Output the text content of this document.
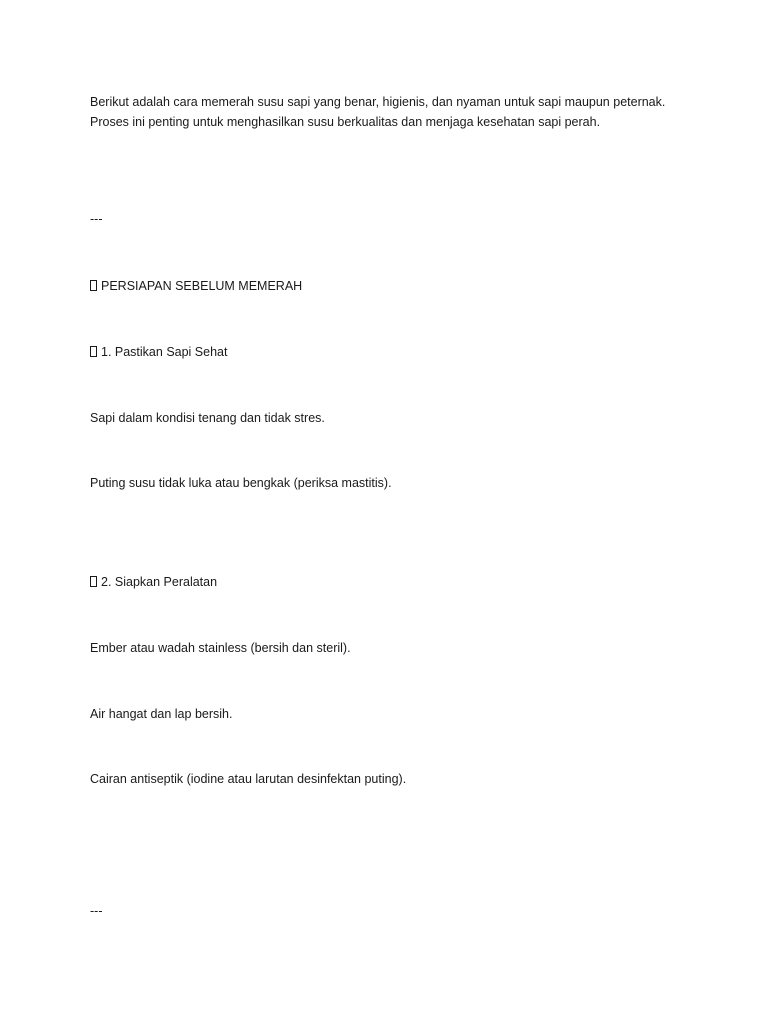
Berikut adalah cara memerah susu sapi yang benar, higienis, dan nyaman untuk sapi maupun peternak.
Proses ini penting untuk menghasilkan susu berkualitas dan menjaga kesehatan sapi perah.
---
PERSIAPAN SEBELUM MEMERAH
1. Pastikan Sapi Sehat
Sapi dalam kondisi tenang dan tidak stres.
Puting susu tidak luka atau bengkak (periksa mastitis).
2. Siapkan Peralatan
Ember atau wadah stainless (bersih dan steril).
Air hangat dan lap bersih.
Cairan antiseptik (iodine atau larutan desinfektan puting).
---
